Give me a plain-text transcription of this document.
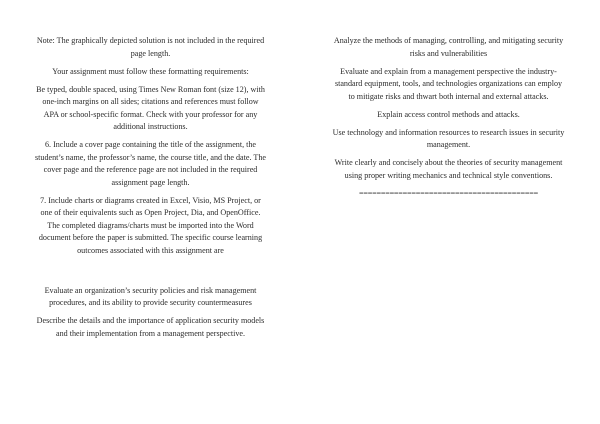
Note: The graphically depicted solution is not included in the required page length.

Your assignment must follow these formatting requirements:

Be typed, double spaced, using Times New Roman font (size 12), with one-inch margins on all sides; citations and references must follow APA or school-specific format. Check with your professor for any additional instructions.

6. Include a cover page containing the title of the assignment, the student’s name, the professor’s name, the course title, and the date. The cover page and the reference page are not included in the required assignment page length.

7. Include charts or diagrams created in Excel, Visio, MS Project, or one of their equivalents such as Open Project, Dia, and OpenOffice. The completed diagrams/charts must be imported into the Word document before the paper is submitted. The specific course learning outcomes associated with this assignment are

Evaluate an organization’s security policies and risk management procedures, and its ability to provide security countermeasures

Describe the details and the importance of application security models and their implementation from a management perspective.

Analyze the methods of managing, controlling, and mitigating security risks and vulnerabilities

Evaluate and explain from a management perspective the industry-standard equipment, tools, and technologies organizations can employ to mitigate risks and thwart both internal and external attacks.

Explain access control methods and attacks.

Use technology and information resources to research issues in security management.

Write clearly and concisely about the theories of security management using proper writing mechanics and technical style conventions.

=========================================
